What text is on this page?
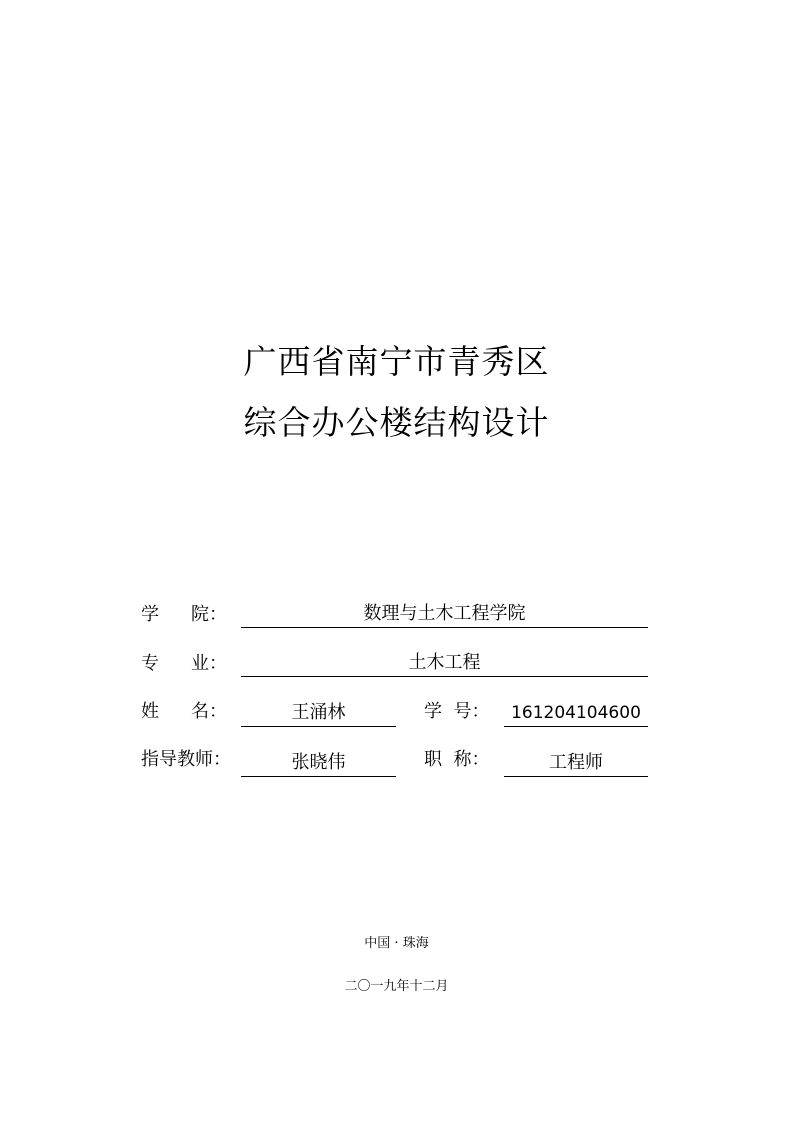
广西省南宁市青秀区
综合办公楼结构设计
学 院：	数理与土木工程学院
专 业：	土木工程
姓 名：	王涌林	学  号：	161204104600
指导教师：	张晓伟	职  称：	工程师
中国 · 珠海
二〇一九年十二月
